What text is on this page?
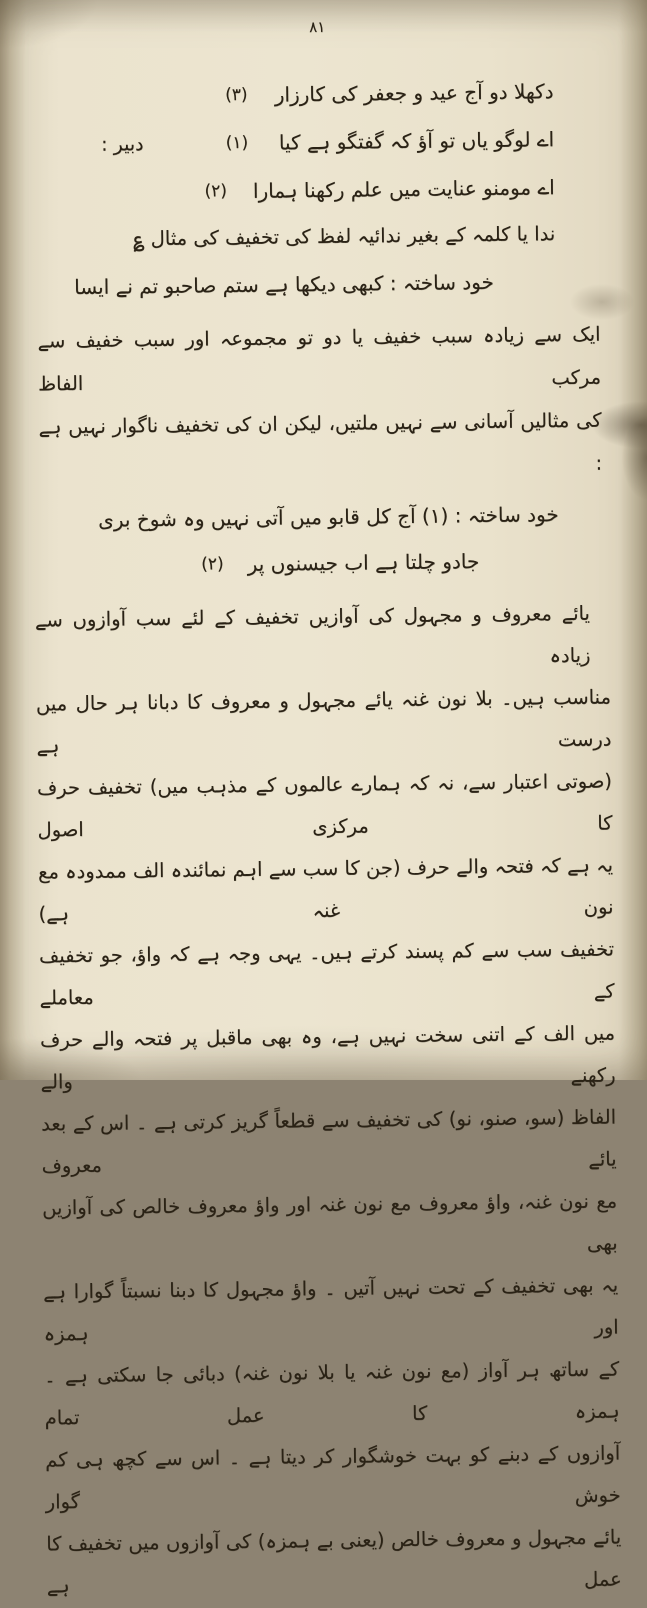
۸۱
دکھلا دو آج عید و جعفر کی کارزار
(۳)
اے لوگو یاں تو آؤ کہ گفتگو ہے کیا
(۱)
دبیر :
اے مومنو عنایت میں علم رکھنا ہمارا
(۲)
ندا یا کلمہ کے بغیر ندائیہ لفظ کی تخفیف کی مثال ؏
خود ساختہ : کبھی دیکھا ہے ستم صاحبو تم نے ایسا
ایک سے زیادہ سبب خفیف یا دو تو مجموعہ اور سبب خفیف سے مرکب الفاظ
کی مثالیں آسانی سے نہیں ملتیں، لیکن ان کی تخفیف ناگوار نہیں ہے :
خود ساختہ : (۱) آج کل قابو میں آتی نہیں وہ شوخ بری
جادو چلتا ہے اب جیسنوں پر
(۲)
یائے معروف و مجہول کی آوازیں تخفیف کے لئے سب آوازوں سے زیادہ
مناسب ہیں۔ بلا نون غنہ یائے مجہول و معروف کا دبانا ہر حال میں درست ہے
(صوتی اعتبار سے، نہ کہ ہمارے عالموں کے مذہب میں) تخفیف حرف کا مرکزی اصول
یہ ہے کہ فتحہ والے حرف (جن کا سب سے اہم نمائندہ الف ممدودہ مع نون غنہ ہے)
تخفیف سب سے کم پسند کرتے ہیں۔ یہی وجہ ہے کہ واؤ، جو تخفیف کے معاملے
میں الف کے اتنی سخت نہیں ہے، وہ بھی ماقبل پر فتحہ والے حرف رکھنے والے
الفاظ (سو، صنو، نو) کی تخفیف سے قطعاً گریز کرتی ہے ۔ اس کے بعد یائے معروف
مع نون غنہ، واؤ معروف مع نون غنہ اور واؤ معروف خالص کی آوازیں بھی
یہ بھی تخفیف کے تحت نہیں آتیں ۔ واؤ مجہول کا دبنا نسبتاً گوارا ہے اور ہمزہ
کے ساتھ ہر آواز (مع نون غنہ یا بلا نون غنہ) دبائی جا سکتی ہے ۔ ہمزہ کا عمل تمام
آوازوں کے دبنے کو بہت خوشگوار کر دیتا ہے ۔ اس سے کچھ ہی کم خوش گوار
یائے مجہول و معروف خالص (یعنی بے ہمزہ) کی آوازوں میں تخفیف کا عمل ہے
